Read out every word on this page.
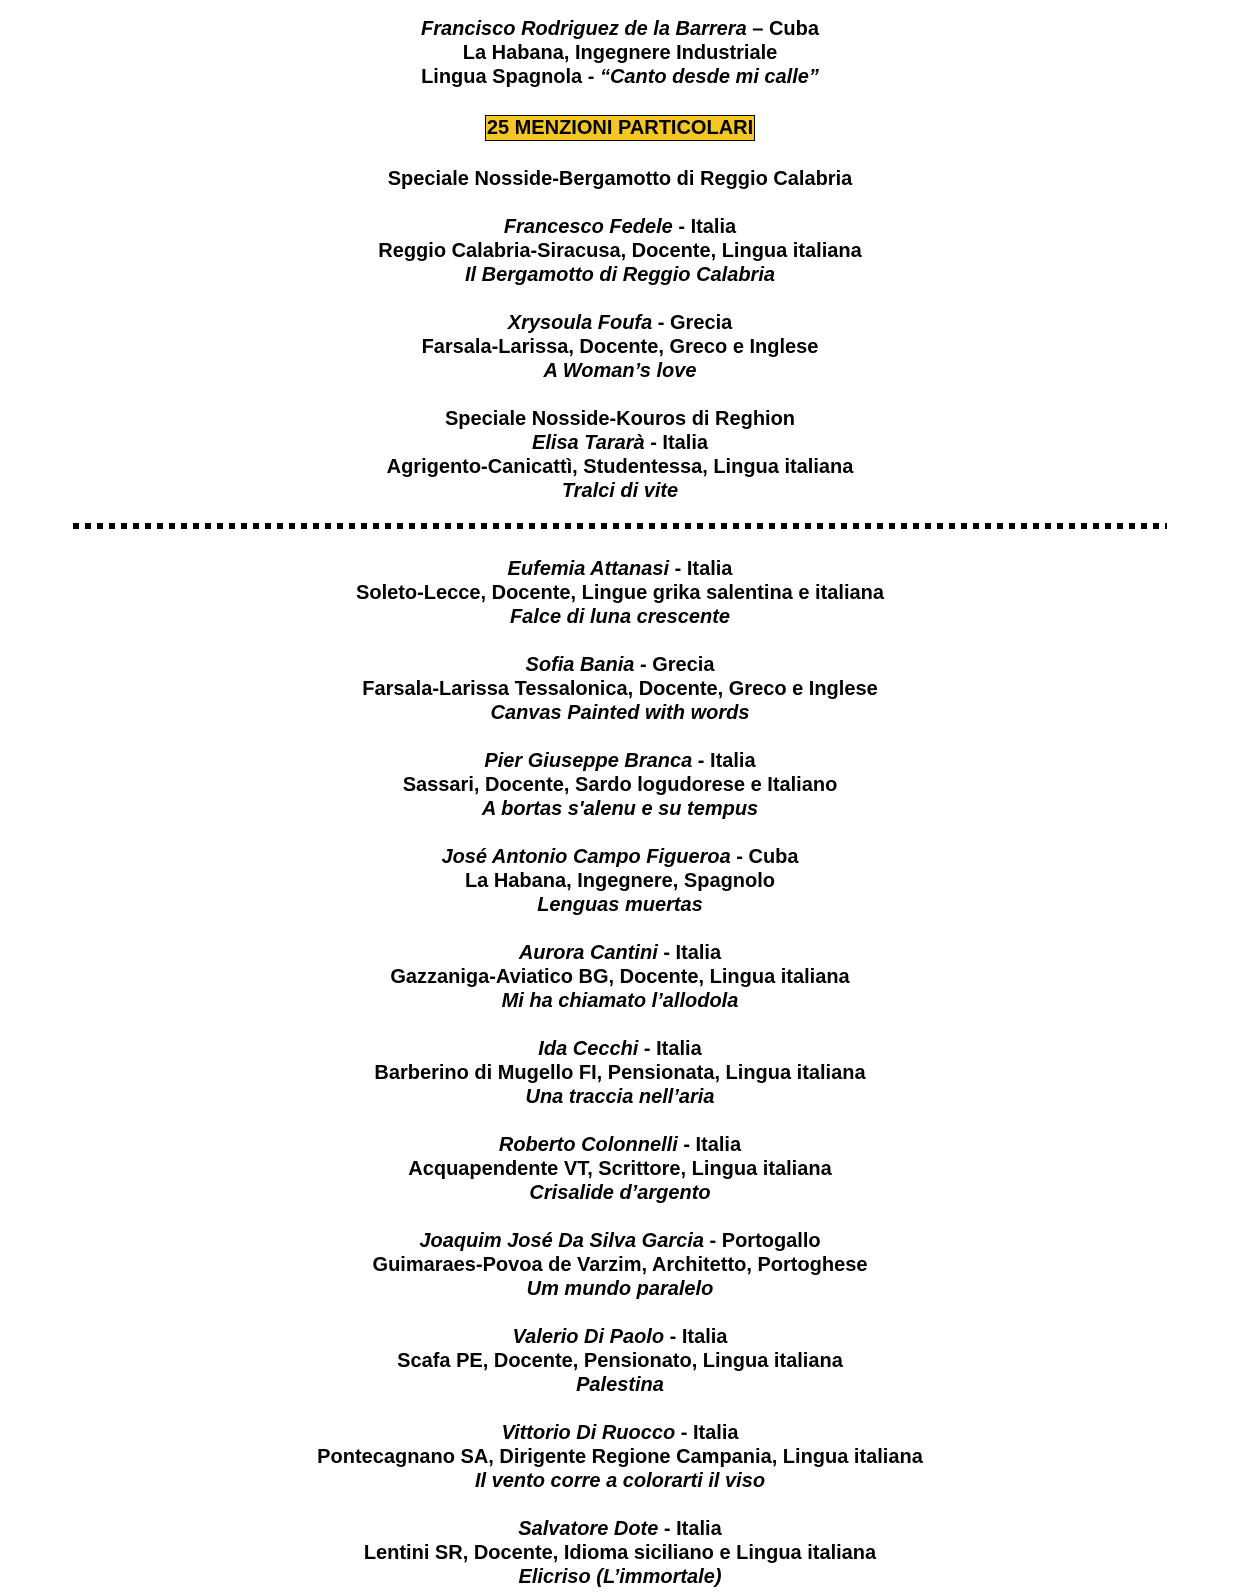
Francisco Rodriguez de la Barrera – Cuba
La Habana, Ingegnere Industriale
Lingua Spagnola - “Canto desde mi calle”
25 MENZIONI PARTICOLARI
Speciale Nosside-Bergamotto di Reggio Calabria
Francesco Fedele - Italia
Reggio Calabria-Siracusa, Docente, Lingua italiana
Il Bergamotto di Reggio Calabria
Xrysoula Foufa - Grecia
Farsala-Larissa, Docente, Greco e Inglese
A Woman’s love
Speciale Nosside-Kouros di Reghion
Elisa Tararà - Italia
Agrigento-Canicattì, Studentessa, Lingua italiana
Tralci di vite
Eufemia Attanasi - Italia
Soleto-Lecce, Docente, Lingue grika salentina e italiana
Falce di luna crescente
Sofia Bania - Grecia
Farsala-Larissa Tessalonica, Docente, Greco e Inglese
Canvas Painted with words
Pier Giuseppe Branca - Italia
Sassari, Docente, Sardo logudorese e Italiano
A bortas s'alenu e su tempus
José Antonio Campo Figueroa - Cuba
La Habana, Ingegnere, Spagnolo
Lenguas muertas
Aurora Cantini - Italia
Gazzaniga-Aviatico BG, Docente, Lingua italiana
Mi ha chiamato l’allodola
Ida Cecchi - Italia
Barberino di Mugello FI, Pensionata, Lingua italiana
Una traccia nell’aria
Roberto Colonnelli - Italia
Acquapendente VT, Scrittore, Lingua italiana
Crisalide d’argento
Joaquim José Da Silva Garcia - Portogallo
Guimaraes-Povoa de Varzim, Architetto, Portoghese
Um mundo paralelo
Valerio Di Paolo - Italia
Scafa PE, Docente, Pensionato, Lingua italiana
Palestina
Vittorio Di Ruocco - Italia
Pontecagnano SA, Dirigente Regione Campania, Lingua italiana
Il vento corre a colorarti il viso
Salvatore Dote - Italia
Lentini SR, Docente, Idioma siciliano e Lingua italiana
Elicriso (L’immortale)
